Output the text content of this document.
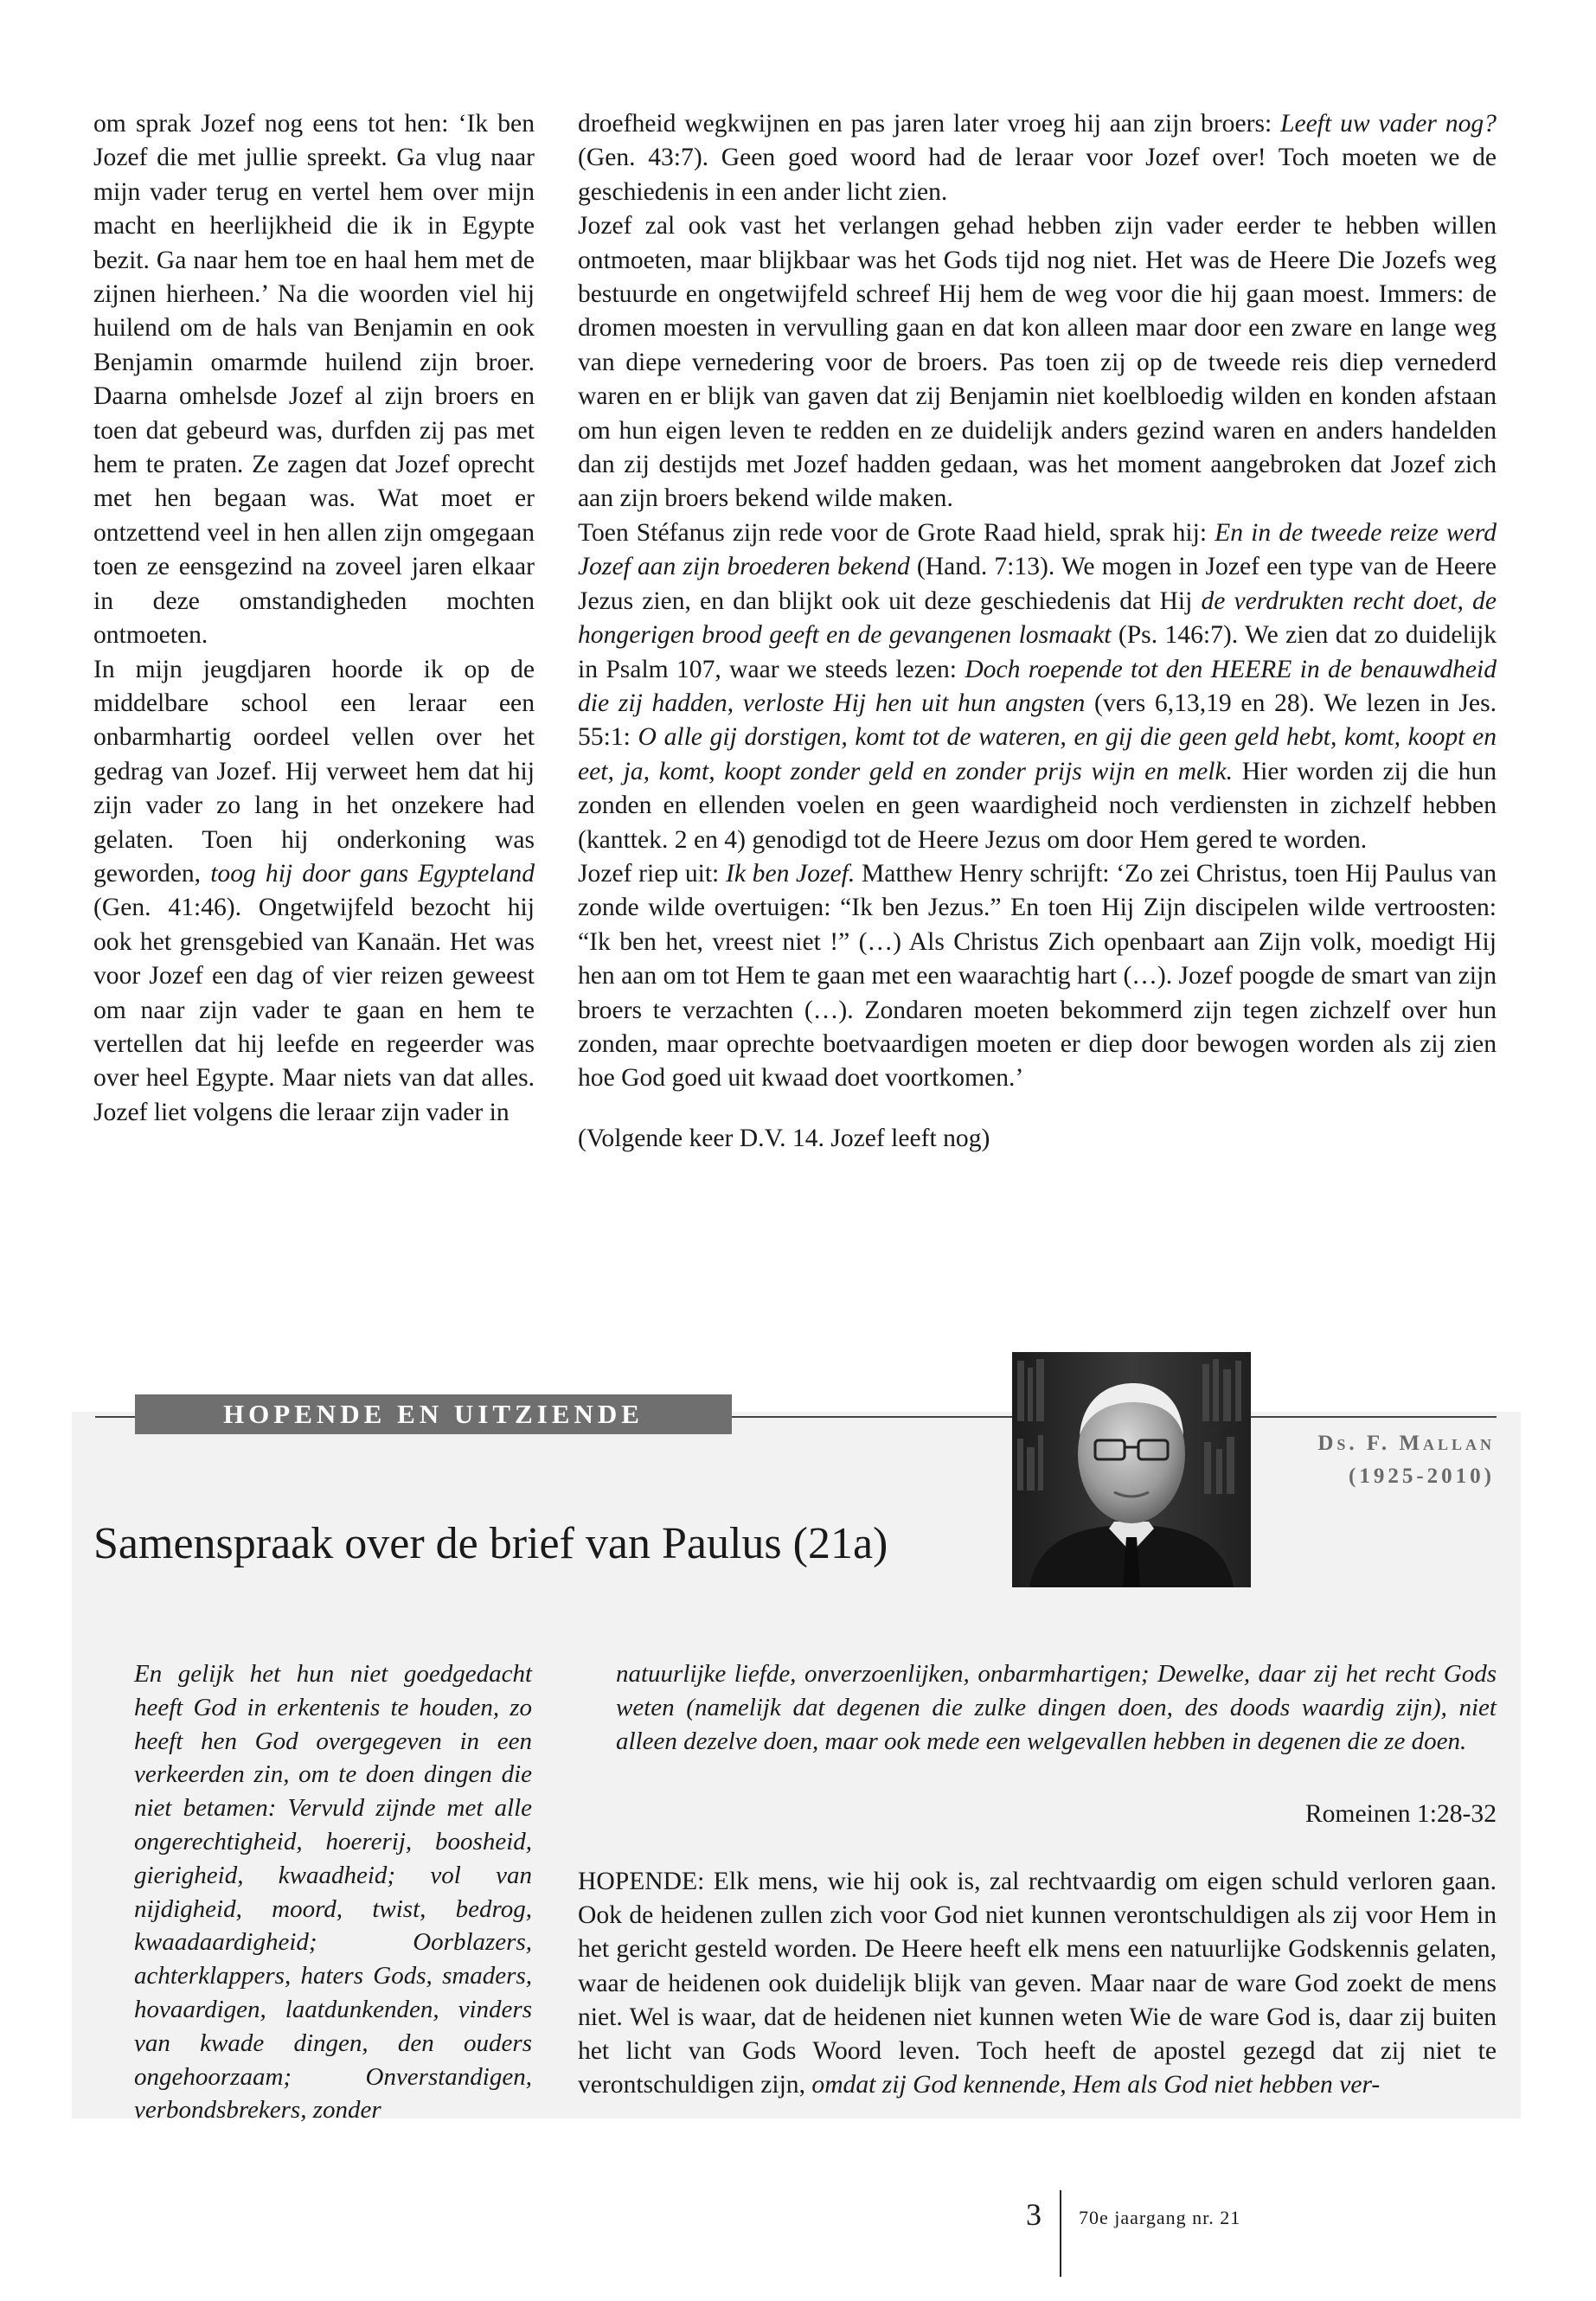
om sprak Jozef nog eens tot hen: ‘Ik ben Jozef die met jullie spreekt. Ga vlug naar mijn vader terug en vertel hem over mijn macht en heerlijkheid die ik in Egypte bezit. Ga naar hem toe en haal hem met de zijnen hierheen.’ Na die woorden viel hij huilend om de hals van Benjamin en ook Benjamin omarmde huilend zijn broer. Daarna omhelsde Jozef al zijn broers en toen dat gebeurd was, durfden zij pas met hem te praten. Ze zagen dat Jozef oprecht met hen begaan was. Wat moet er ontzettend veel in hen allen zijn omgegaan toen ze eensgezind na zoveel jaren elkaar in deze omstandigheden mochten ontmoeten.

In mijn jeugdjaren hoorde ik op de middelbare school een leraar een onbarmhartig oordeel vellen over het gedrag van Jozef. Hij verweet hem dat hij zijn vader zo lang in het onzekere had gelaten. Toen hij onderkoning was geworden, toog hij door gans Egypteland (Gen. 41:46). Ongetwijfeld bezocht hij ook het grensgebied van Kanaän. Het was voor Jozef een dag of vier reizen geweest om naar zijn vader te gaan en hem te vertellen dat hij leefde en regeerder was over heel Egypte. Maar niets van dat alles. Jozef liet volgens die leraar zijn vader in

droefheid wegkwijnen en pas jaren later vroeg hij aan zijn broers: Leeft uw vader nog? (Gen. 43:7). Geen goed woord had de leraar voor Jozef over! Toch moeten we de geschiedenis in een ander licht zien.

Jozef zal ook vast het verlangen gehad hebben zijn vader eerder te hebben willen ontmoeten, maar blijkbaar was het Gods tijd nog niet. Het was de Heere Die Jozefs weg bestuurde en ongetwijfeld schreef Hij hem de weg voor die hij gaan moest. Immers: de dromen moesten in vervulling gaan en dat kon alleen maar door een zware en lange weg van diepe vernedering voor de broers. Pas toen zij op de tweede reis diep vernederd waren en er blijk van gaven dat zij Benjamin niet koelbloedig wilden en konden afstaan om hun eigen leven te redden en ze duidelijk anders gezind waren en anders handelden dan zij destijds met Jozef hadden gedaan, was het moment aangebroken dat Jozef zich aan zijn broers bekend wilde maken.

Toen Stéfanus zijn rede voor de Grote Raad hield, sprak hij: En in de tweede reize werd Jozef aan zijn broederen bekend (Hand. 7:13). We mogen in Jozef een type van de Heere Jezus zien, en dan blijkt ook uit deze geschiedenis dat Hij de verdrukten recht doet, de hongerigen brood geeft en de gevangenen losmaakt (Ps. 146:7). We zien dat zo duidelijk in Psalm 107, waar we steeds lezen: Doch roepende tot den HEERE in de benauwdheid die zij hadden, verloste Hij hen uit hun angsten (vers 6,13,19 en 28). We lezen in Jes. 55:1: O alle gij dorstigen, komt tot de wateren, en gij die geen geld hebt, komt, koopt en eet, ja, komt, koopt zonder geld en zonder prijs wijn en melk. Hier worden zij die hun zonden en ellenden voelen en geen waardigheid noch verdiensten in zichzelf hebben (kanttek. 2 en 4) genodigd tot de Heere Jezus om door Hem gered te worden.

Jozef riep uit: Ik ben Jozef. Matthew Henry schrijft: ‘Zo zei Christus, toen Hij Paulus van zonde wilde overtuigen: “Ik ben Jezus.” En toen Hij Zijn discipelen wilde vertroosten: “Ik ben het, vreest niet !” (…) Als Christus Zich openbaart aan Zijn volk, moedigt Hij hen aan om tot Hem te gaan met een waarachtig hart (…). Jozef poogde de smart van zijn broers te verzachten (…). Zondaren moeten bekommerd zijn tegen zichzelf over hun zonden, maar oprechte boetvaardigen moeten er diep door bewogen worden als zij zien hoe God goed uit kwaad doet voortkomen.’

(Volgende keer D.V. 14. Jozef leeft nog)

HOPENDE EN UITZIENDE
Ds. F. Mallan
(1925-2010)
Samenspraak over de brief van Paulus (21a)
En gelijk het hun niet goedgedacht heeft God in erkentenis te houden, zo heeft hen God overgegeven in een verkeerden zin, om te doen dingen die niet betamen: Vervuld zijnde met alle ongerechtigheid, hoererij, boosheid, gierigheid, kwaadheid; vol van nijdigheid, moord, twist, bedrog, kwaadaardigheid; Oorblazers, achterklappers, haters Gods, smaders, hovaardigen, laatdunkenden, vinders van kwade dingen, den ouders ongehoorzaam; Onverstandigen, verbondsbrekers, zonder
natuurlijke liefde, onverzoenlijken, onbarmhartigen; Dewelke, daar zij het recht Gods weten (namelijk dat degenen die zulke dingen doen, des doods waardig zijn), niet alleen dezelve doen, maar ook mede een welgevallen hebben in degenen die ze doen.
Romeinen 1:28-32
HOPENDE: Elk mens, wie hij ook is, zal rechtvaardig om eigen schuld verloren gaan. Ook de heidenen zullen zich voor God niet kunnen verontschuldigen als zij voor Hem in het gericht gesteld worden. De Heere heeft elk mens een natuurlijke Godskennis gelaten, waar de heidenen ook duidelijk blijk van geven. Maar naar de ware God zoekt de mens niet. Wel is waar, dat de heidenen niet kunnen weten Wie de ware God is, daar zij buiten het licht van Gods Woord leven. Toch heeft de apostel gezegd dat zij niet te verontschuldigen zijn, omdat zij God kennende, Hem als God niet hebben ver-
3 70e jaargang nr. 21
